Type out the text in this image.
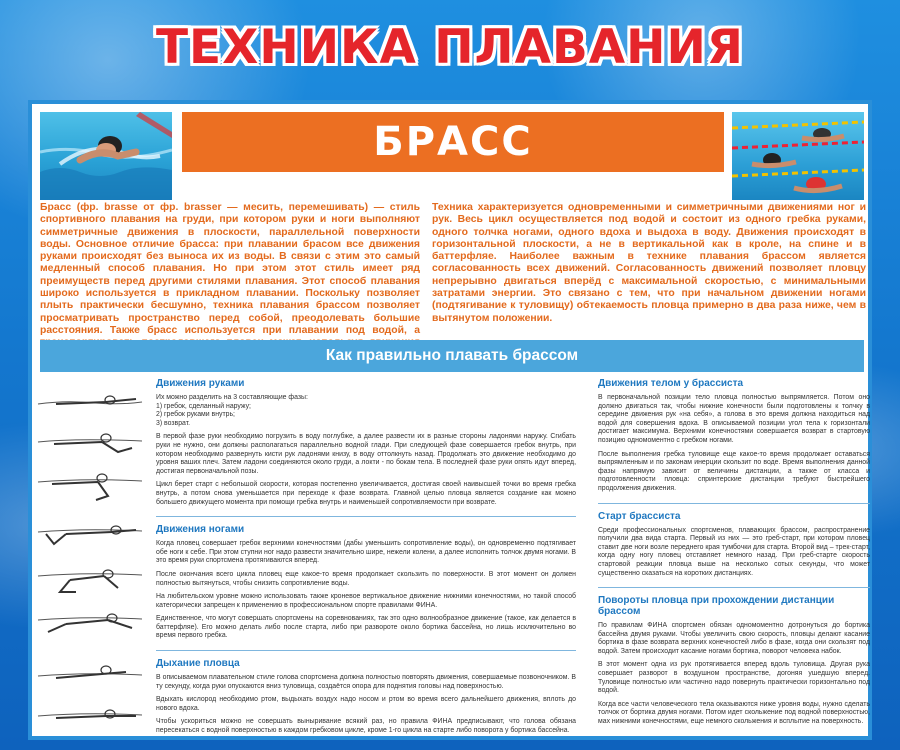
ТЕХНИКА ПЛАВАНИЯ
БРАСС
Брасс (фр. brasse от фр. brasser — месить, перемешивать) — стиль спортивного плавания на груди, при котором руки и ноги выполняют симметричные движения в плоскости, параллельной поверхности воды. Основное отличие брасса: при плавании брасом все движения руками происходят без выноса их из воды. В связи с этим это самый медленный способ плавания. Но при этом этот стиль имеет ряд преимуществ перед другими стилями плавания. Этот способ плавания широко используется в прикладном плавании. Поскольку позволяет плыть практически бесшумно, техника плавания брассом позволяет просматривать пространство перед собой, преодолевать большие расстояния. Также брасс используется при плавании под водой, а
Техника характеризуется одновременными и симметричными движениями ног и рук. Весь цикл осуществляется под водой и состоит из одного гребка руками, одного толчка ногами, одного вдоха и выдоха в воду. Движения происходят в горизонтальной плоскости, а не в вертикальной как в кроле, на спине и в баттерфляе. Наиболее важным в технике плавания брассом является согласованность всех движений. Согласованность движений позволяет пловцу непрерывно двигаться вперёд с максимальной скоростью, с минимальными затратами энергии. Это связано с тем, что при начальном движении ногами (подтягивание к туловищу) обтекаемость пловца примерно в два раза ниже, чем в вытянутом положении.
Как правильно плавать брассом
Движения руками
Их можно разделить на 3 составляющие фазы:
1) гребок, сделанный наружу;
2) гребок руками внутрь;
3) возврат.
В первой фазе руки необходимо погрузить в воду поглубже, а далее развести их в разные стороны ладонями наружу. Сгибать руки не нужно, они должны располагаться параллельно водной глади. При следующей фазе совершается гребок внутрь, при котором необходимо развернуть кисти рук ладонями книзу, в воду оттолкнуть назад. Продолжать это движение необходимо до уровня ваших плеч. Затем ладони соединяются около груди, а локти - по бокам тела. В последней фазе руки опять идут вперед, достигая первоначальной позы.
Цикл берет старт с небольшой скорости, которая постепенно увеличивается, достигая своей наивысшей точки во время гребка внутрь, а потом снова уменьшается при переходе к фазе возврата. Главной целью пловца является создание как можно большего движущего момента при помощи гребка внутрь и наименьшей сопротивляемости при возврате.
Движения ногами
Когда пловец совершает гребок верхними конечностями (дабы уменьшить сопротивление воды), он одновременно подтягивает обе ноги к себе. При этом ступни ног надо развести значительно шире, нежели колени, а далее исполнить толчок двумя ногами. В это время руки спортсмена протягиваются вперед.
После окончания всего цикла пловец еще какое-то время продолжает скользить по поверхности. В этот момент он должен полностью вытянуться, чтобы снизить сопротивление воды.
На любительском уровне можно использовать также кроневое вертикальное движение нижними конечностями, но такой способ категорически запрещен к применению в профессиональном спорте правилами ФИНА.
Единственное, что могут совершать спортсмены на соревнованиях, так это одно волнообразное движение (такое, как делается в баттерфляе). Его можно делать либо после старта, либо при развороте около бортика бассейна, но лишь исключительно во время первого гребка.
Дыхание пловца
В описываемом плавательном стиле голова спортсмена должна полностью повторять движения, совершаемые позвоночником. В ту секунду, когда руки опускаются вниз туловища, создаётся опора для поднятия головы над поверхностью.
Вдыхать кислород необходимо ртом, выдыхать воздух надо носом и ртом во время всего дальнейшего движения, вплоть до нового вдоха.
Чтобы ускориться можно не совершать выныривание всякий раз, но правила ФИНА предписывают, что голова обязана пересекаться с водной поверхностью в каждом гребковом цикле, кроме 1-го цикла на старте либо поворота у бортика бассейна.
Движения телом у брассиста
В первоначальной позиции тело пловца полностью выпрямляется. Потом оно должно двигаться так, чтобы нижние конечности были подготовлены к толчку в середине движения рук «на себя», а голова в это время должна находиться над водой для совершения вдоха. В описываемой позиции угол тела к горизонтали достигает максимума. Верхними конечностями совершается возврат в стартовую позицию одномоментно с гребком ногами.
После выполнения гребка туловище еще какое-то время продолжает оставаться выпрямленным и по законам инерции скользит по воде. Время выполнения данной фазы напрямую зависит от величины дистанции, а также от класса и подготовленности пловца: спринтерские дистанции требуют быстрейшего продолжения движения.
Старт брассиста
Среди профессиональных спортсменов, плавающих брассом, распространение получили два вида старта. Первый из них — это греб-старт, при котором пловец ставит две ноги возле переднего края тумбочки для старта. Второй вид – трек-старт, когда одну ногу пловец отставляет немного назад. При греб-старте скорость стартовой реакции пловца выше на несколько сотых секунды, что может существенно сказаться на коротких дистанциях.
Повороты пловца при прохождении дистанции брассом
По правилам ФИНА спортсмен обязан одномоментно дотронуться до бортика бассейна двумя руками. Чтобы увеличить свою скорость, пловцы делают касание бортика в фазе возврата верхних конечностей либо в фазе, когда они скользят под водой. Затем происходит касание ногами бортика, поворот человека набок.
В этот момент одна из рук протягивается вперед вдоль туловища. Другая рука совершает разворот в воздушном пространстве, догоняя ушедшую вперед. Туловище полностью или частично надо повернуть практически горизонтально под водой.
Когда все части человеческого тела оказываются ниже уровня воды, нужно сделать толчок от бортика двумя ногами. Потом идет скольжение под водной поверхностью, мах нижними конечностями, еще немного скольжения и всплытие на поверхность.
